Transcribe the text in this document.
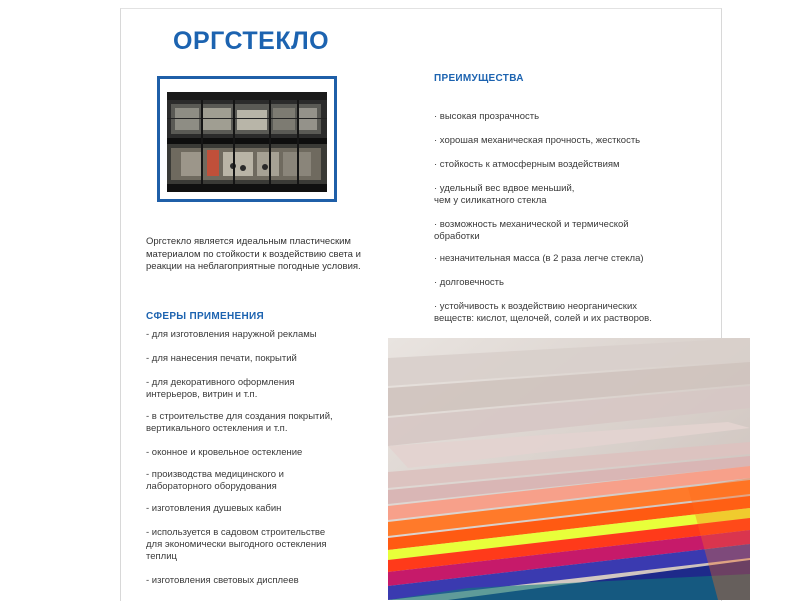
ОРГСТЕКЛО
Оргстекло является идеальным пластическим материалом по стойкости к воздействию света и реакции на неблагоприятные погодные условия.
ПРЕИМУЩЕСТВА
· высокая прозрачность
· хорошая механическая прочность, жесткость
· стойкость к атмосферным воздействиям
· удельный вес вдвое меньший,
чем у силикатного стекла
· возможность механической и термической
обработки
· незначительная масса (в 2 раза легче стекла)
· долговечность
· устойчивость к воздействию неорганических
веществ: кислот, щелочей, солей и их растворов.
СФЕРЫ ПРИМЕНЕНИЯ
- для изготовления наружной рекламы
- для нанесения печати, покрытий
- для декоративного оформления
интерьеров, витрин и т.п.
- в строительстве для создания покрытий,
вертикального остекления и т.п.
- оконное и кровельное остекление
- производства медицинского и
лабораторного оборудования
- изготовления душевых кабин
- используется в садовом строительстве
для экономически выгодного остекления
теплиц
- изготовления световых дисплеев
